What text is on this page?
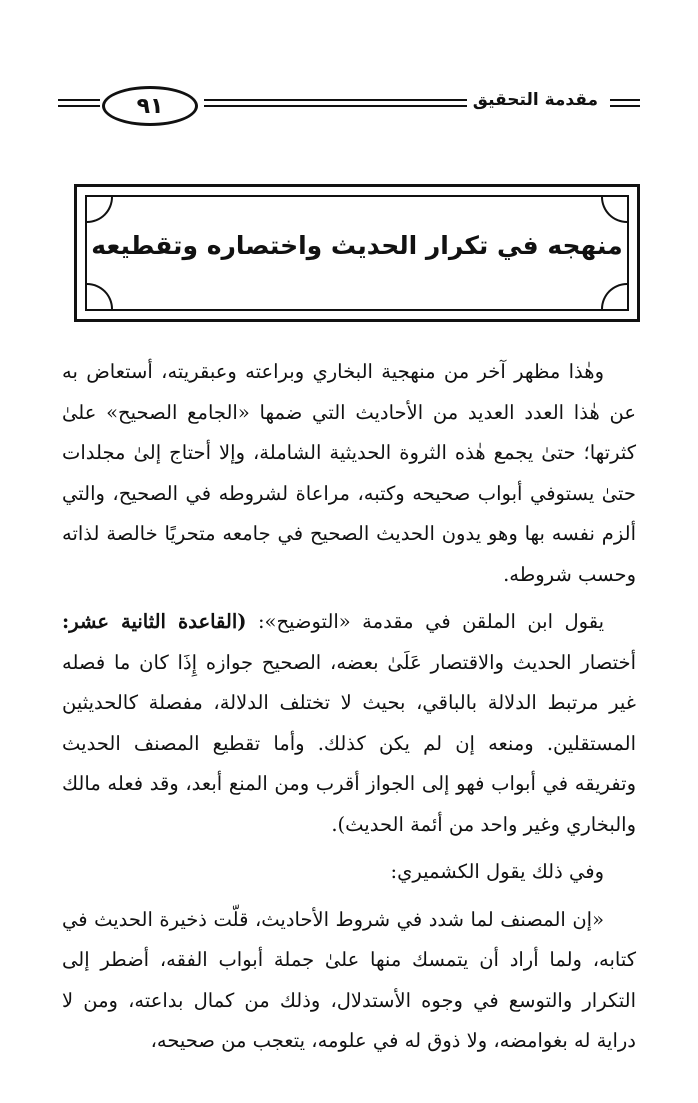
٩١	مقدمة التحقيق
منهجه في تكرار الحديث واختصاره وتقطيعه

وهٰذا مظهر آخر من منهجية البخاري وبراعته وعبقريته، أستعاض به عن هٰذا العدد العديد من الأحاديث التي ضمها «الجامع الصحيح» علىٰ كثرتها؛ حتىٰ يجمع هٰذه الثروة الحديثية الشاملة، وإلا أحتاج إلىٰ مجلدات حتىٰ يستوفي أبواب صحيحه وكتبه، مراعاة لشروطه في الصحيح، والتي ألزم نفسه بها وهو يدون الحديث الصحيح في جامعه متحريًا خالصة لذاته وحسب شروطه.

يقول ابن الملقن في مقدمة «التوضيح»: (القاعدة الثانية عشر: أختصار الحديث والاقتصار عَلَىٰ بعضه، الصحيح جوازه إِذَا كان ما فصله غير مرتبط الدلالة بالباقي، بحيث لا تختلف الدلالة، مفصلة كالحديثين المستقلين. ومنعه إن لم يكن كذلك. وأما تقطيع المصنف الحديث وتفريقه في أبواب فهو إلى الجواز أقرب ومن المنع أبعد، وقد فعله مالك والبخاري وغير واحد من أئمة الحديث).

وفي ذلك يقول الكشميري:

«إن المصنف لما شدد في شروط الأحاديث، قلّت ذخيرة الحديث في كتابه، ولما أراد أن يتمسك منها علىٰ جملة أبواب الفقه، أضطر إلى التكرار والتوسع في وجوه الأستدلال، وذلك من كمال بداعته، ومن لا دراية له بغوامضه، ولا ذوق له في علومه، يتعجب من صحيحه،
